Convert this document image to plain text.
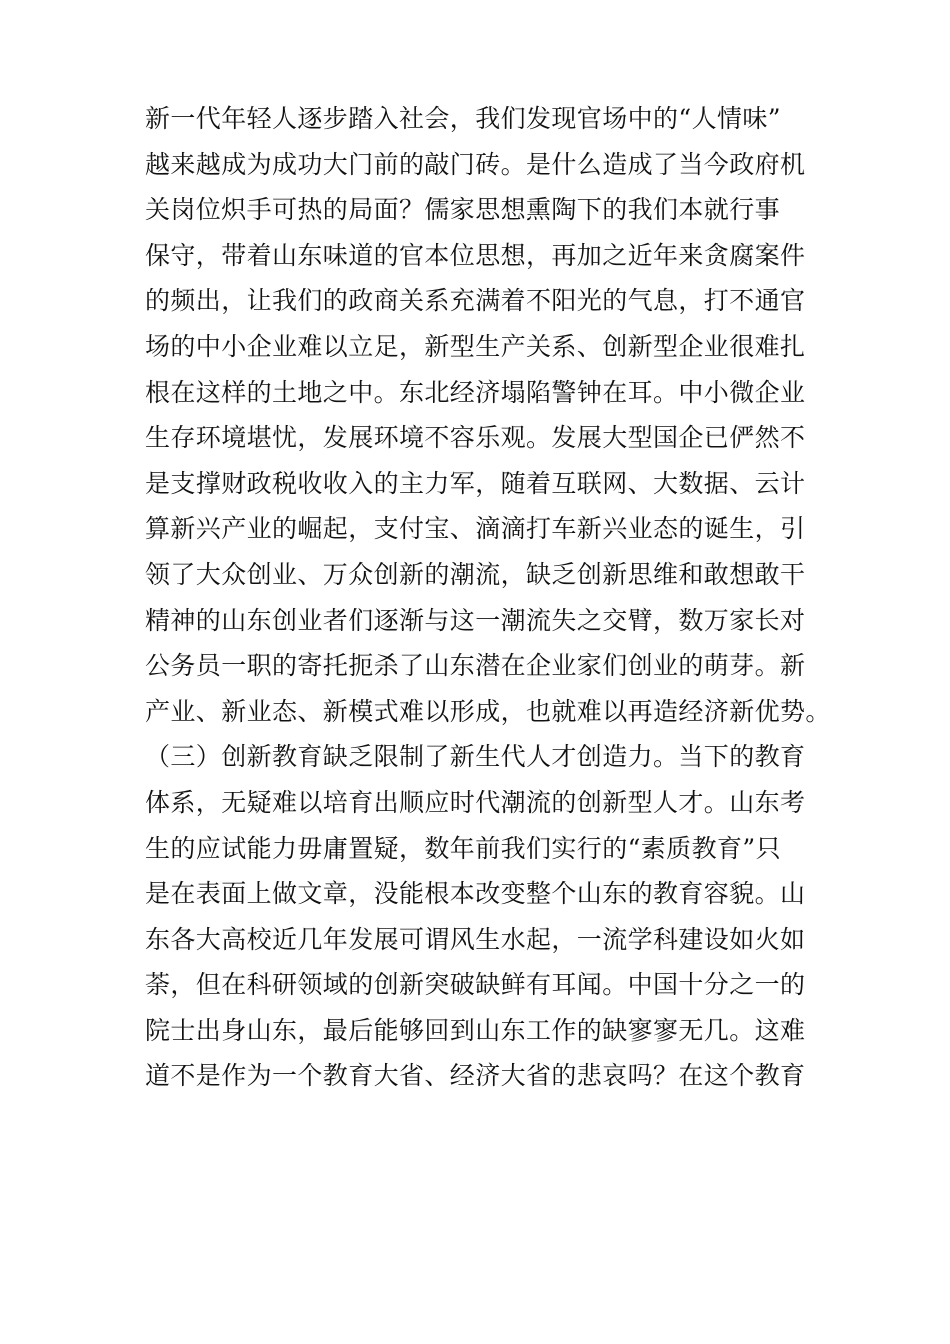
新一代年轻人逐步踏入社会，我们发现官场中的“人情味”
越来越成为成功大门前的敲门砖。是什么造成了当今政府机
关岗位炽手可热的局面？儒家思想熏陶下的我们本就行事
保守，带着山东味道的官本位思想，再加之近年来贪腐案件
的频出，让我们的政商关系充满着不阳光的气息，打不通官
场的中小企业难以立足，新型生产关系、创新型企业很难扎
根在这样的土地之中。东北经济塌陷警钟在耳。中小微企业
生存环境堪忧，发展环境不容乐观。发展大型国企已俨然不
是支撑财政税收收入的主力军，随着互联网、大数据、云计
算新兴产业的崛起，支付宝、滴滴打车新兴业态的诞生，引
领了大众创业、万众创新的潮流，缺乏创新思维和敢想敢干
精神的山东创业者们逐渐与这一潮流失之交臂，数万家长对
公务员一职的寄托扼杀了山东潜在企业家们创业的萌芽。新
产业、新业态、新模式难以形成，也就难以再造经济新优势。
（三）创新教育缺乏限制了新生代人才创造力。当下的教育
体系，无疑难以培育出顺应时代潮流的创新型人才。山东考
生的应试能力毋庸置疑，数年前我们实行的“素质教育”只
是在表面上做文章，没能根本改变整个山东的教育容貌。山
东各大高校近几年发展可谓风生水起，一流学科建设如火如
荼，但在科研领域的创新突破缺鲜有耳闻。中国十分之一的
院士出身山东，最后能够回到山东工作的缺寥寥无几。这难
道不是作为一个教育大省、经济大省的悲哀吗？在这个教育
